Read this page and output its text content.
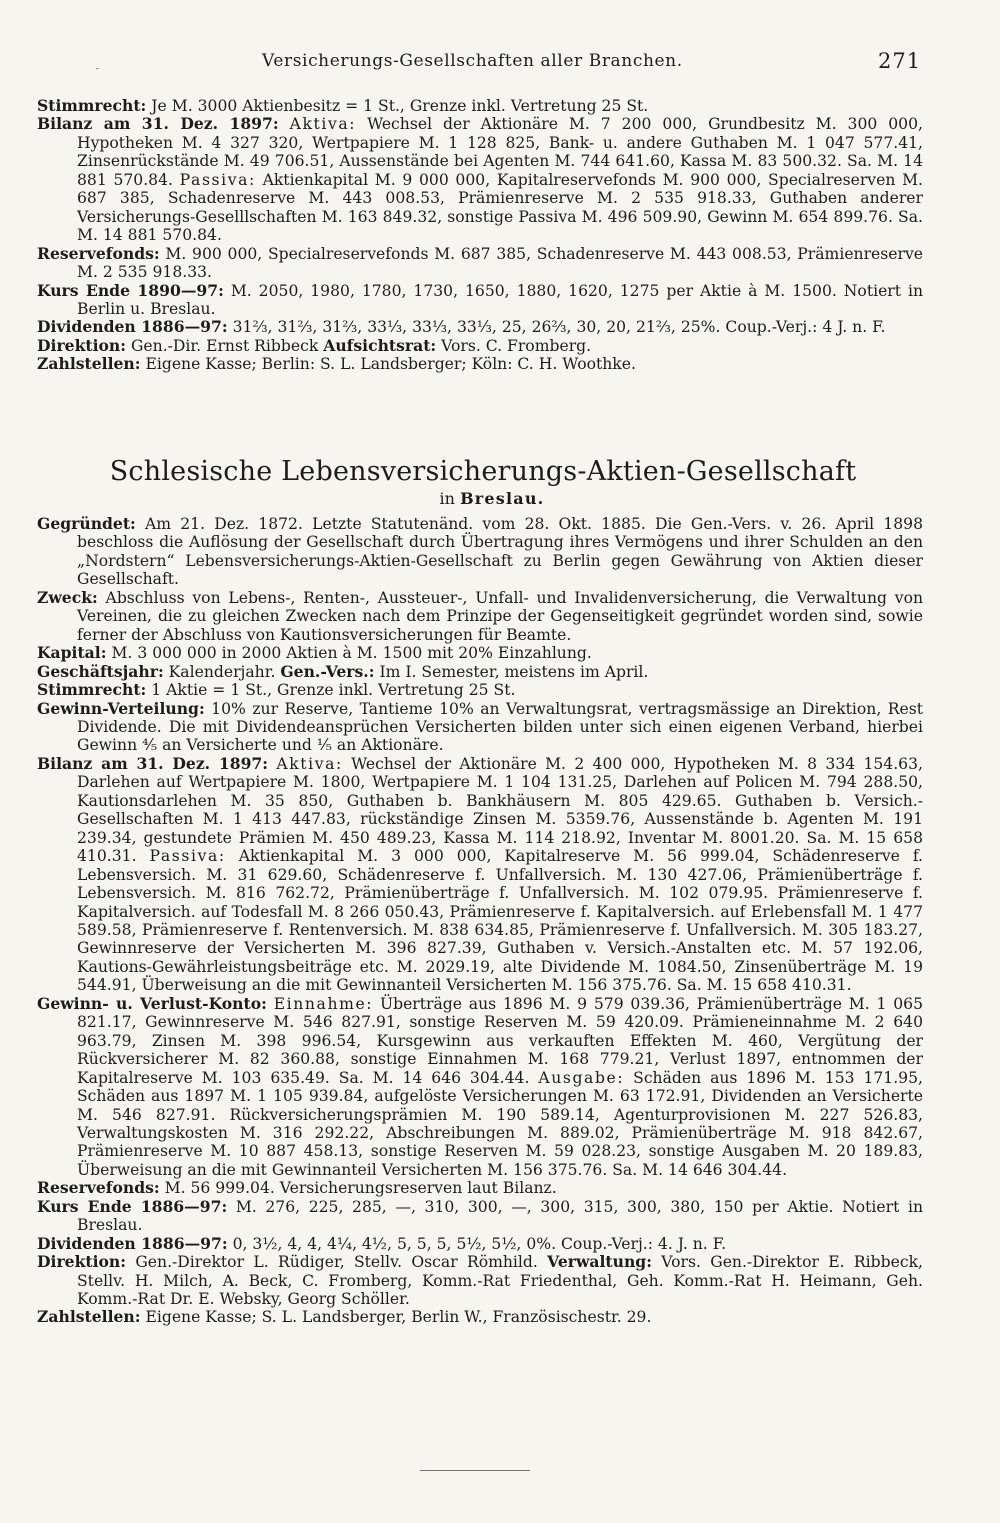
Versicherungs-Gesellschaften aller Branchen.	271
Stimmrecht: Je M. 3000 Aktienbesitz = 1 St., Grenze inkl. Vertretung 25 St.
Bilanz am 31. Dez. 1897: Aktiva: Wechsel der Aktionäre M. 7 200 000, Grundbesitz M. 300 000, Hypotheken M. 4 327 320, Wertpapiere M. 1 128 825, Bank- u. andere Guthaben M. 1 047 577.41, Zinsenrückstände M. 49 706.51, Aussenstände bei Agenten M. 744 641.60, Kassa M. 83 500.32. Sa. M. 14 881 570.84. Passiva: Aktienkapital M. 9 000 000, Kapitalreservefonds M. 900 000, Specialreserven M. 687 385, Schadenreserve M. 443 008.53, Prämienreserve M. 2 535 918.33, Guthaben anderer Versicherungs-Geselllschaften M. 163 849.32, sonstige Passiva M. 496 509.90, Gewinn M. 654 899.76. Sa. M. 14 881 570.84.
Reservefonds: M. 900 000, Specialreservefonds M. 687 385, Schadenreserve M. 443 008.53, Prämienreserve M. 2 535 918.33.
Kurs Ende 1890—97: M. 2050, 1980, 1780, 1730, 1650, 1880, 1620, 1275 per Aktie à M. 1500. Notiert in Berlin u. Breslau.
Dividenden 1886—97: 31⅔, 31⅔, 31⅔, 33⅓, 33⅓, 33⅓, 25, 26⅔, 30, 20, 21⅔, 25%. Coup.-Verj.: 4 J. n. F.
Direktion: Gen.-Dir. Ernst Ribbeck Aufsichtsrat: Vors. C. Fromberg.
Zahlstellen: Eigene Kasse; Berlin: S. L. Landsberger; Köln: C. H. Woothke.
Schlesische Lebensversicherungs-Aktien-Gesellschaft
in Breslau.
Gegründet: Am 21. Dez. 1872. Letzte Statutenänd. vom 28. Okt. 1885. Die Gen.-Vers. v. 26. April 1898 beschloss die Auflösung der Gesellschaft durch Übertragung ihres Vermögens und ihrer Schulden an den „Nordstern“ Lebensversicherungs-Aktien-Gesellschaft zu Berlin gegen Gewährung von Aktien dieser Gesellschaft.
Zweck: Abschluss von Lebens-, Renten-, Aussteuer-, Unfall- und Invalidenversicherung, die Verwaltung von Vereinen, die zu gleichen Zwecken nach dem Prinzipe der Gegenseitigkeit gegründet worden sind, sowie ferner der Abschluss von Kautionsversicherungen für Beamte.
Kapital: M. 3 000 000 in 2000 Aktien à M. 1500 mit 20% Einzahlung.
Geschäftsjahr: Kalenderjahr. Gen.-Vers.: Im I. Semester, meistens im April.
Stimmrecht: 1 Aktie = 1 St., Grenze inkl. Vertretung 25 St.
Gewinn-Verteilung: 10% zur Reserve, Tantieme 10% an Verwaltungsrat, vertragsmässige an Direktion, Rest Dividende. Die mit Dividendeansprüchen Versicherten bilden unter sich einen eigenen Verband, hierbei Gewinn ⁴⁄₅ an Versicherte und ¹⁄₅ an Aktionäre.
Bilanz am 31. Dez. 1897: Aktiva: Wechsel der Aktionäre M. 2 400 000, Hypotheken M. 8 334 154.63, Darlehen auf Wertpapiere M. 1800, Wertpapiere M. 1 104 131.25, Darlehen auf Policen M. 794 288.50, Kautionsdarlehen M. 35 850, Guthaben b. Bankhäusern M. 805 429.65. Guthaben b. Versich.-Gesellschaften M. 1 413 447.83, rückständige Zinsen M. 5359.76, Aussenstände b. Agenten M. 191 239.34, gestundete Prämien M. 450 489.23, Kassa M. 114 218.92, Inventar M. 8001.20. Sa. M. 15 658 410.31. Passiva: Aktienkapital M. 3 000 000, Kapitalreserve M. 56 999.04, Schädenreserve f. Lebensversich. M. 31 629.60, Schädenreserve f. Unfallversich. M. 130 427.06, Prämienüberträge f. Lebensversich. M. 816 762.72, Prämienüberträge f. Unfallversich. M. 102 079.95. Prämienreserve f. Kapitalversich. auf Todesfall M. 8 266 050.43, Prämienreserve f. Kapitalversich. auf Erlebensfall M. 1 477 589.58, Prämienreserve f. Rentenversich. M. 838 634.85, Prämienreserve f. Unfallversich. M. 305 183.27, Gewinnreserve der Versicherten M. 396 827.39, Guthaben v. Versich.-Anstalten etc. M. 57 192.06, Kautions-Gewährleistungsbeiträge etc. M. 2029.19, alte Dividende M. 1084.50, Zinsenüberträge M. 19 544.91, Überweisung an die mit Gewinnanteil Versicherten M. 156 375.76. Sa. M. 15 658 410.31.
Gewinn- u. Verlust-Konto: Einnahme: Überträge aus 1896 M. 9 579 039.36, Prämienüberträge M. 1 065 821.17, Gewinnreserve M. 546 827.91, sonstige Reserven M. 59 420.09. Prämieneinnahme M. 2 640 963.79, Zinsen M. 398 996.54, Kursgewinn aus verkauften Effekten M. 460, Vergütung der Rückversicherer M. 82 360.88, sonstige Einnahmen M. 168 779.21, Verlust 1897, entnommen der Kapitalreserve M. 103 635.49. Sa. M. 14 646 304.44. Ausgabe: Schäden aus 1896 M. 153 171.95, Schäden aus 1897 M. 1 105 939.84, aufgelöste Versicherungen M. 63 172.91, Dividenden an Versicherte M. 546 827.91. Rückversicherungsprämien M. 190 589.14, Agenturprovisionen M. 227 526.83, Verwaltungskosten M. 316 292.22, Abschreibungen M. 889.02, Prämienüberträge M. 918 842.67, Prämienreserve M. 10 887 458.13, sonstige Reserven M. 59 028.23, sonstige Ausgaben M. 20 189.83, Überweisung an die mit Gewinnanteil Versicherten M. 156 375.76. Sa. M. 14 646 304.44.
Reservefonds: M. 56 999.04. Versicherungsreserven laut Bilanz.
Kurs Ende 1886—97: M. 276, 225, 285, —, 310, 300, —, 300, 315, 300, 380, 150 per Aktie. Notiert in Breslau.
Dividenden 1886—97: 0, 3½, 4, 4, 4¼, 4½, 5, 5, 5, 5½, 5½, 0%. Coup.-Verj.: 4. J. n. F.
Direktion: Gen.-Direktor L. Rüdiger, Stellv. Oscar Römhild. Verwaltung: Vors. Gen.-Direktor E. Ribbeck, Stellv. H. Milch, A. Beck, C. Fromberg, Komm.-Rat Friedenthal, Geh. Komm.-Rat H. Heimann, Geh. Komm.-Rat Dr. E. Websky, Georg Schöller.
Zahlstellen: Eigene Kasse; S. L. Landsberger, Berlin W., Französischestr. 29.
